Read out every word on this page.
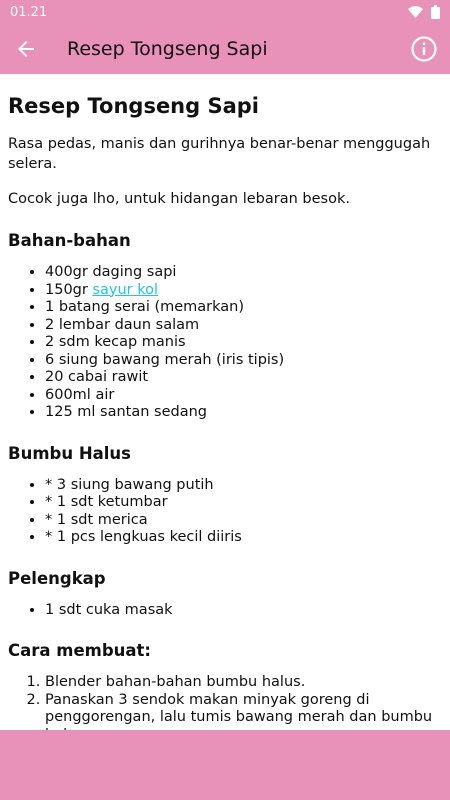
01.21
Resep Tongseng Sapi
Resep Tongseng Sapi

Rasa pedas, manis dan gurihnya benar-benar menggugah selera.

Cocok juga lho, untuk hidangan lebaran besok.

Bahan-bahan
• 400gr daging sapi
• 150gr sayur kol
• 1 batang serai (memarkan)
• 2 lembar daun salam
• 2 sdm kecap manis
• 6 siung bawang merah (iris tipis)
• 20 cabai rawit
• 600ml air
• 125 ml santan sedang
Bumbu Halus
• * 3 siung bawang putih
• * 1 sdt ketumbar
• * 1 sdt merica
• * 1 pcs lengkuas kecil diiris
Pelengkap
• 1 sdt cuka masak
Cara membuat:
1. Blender bahan-bahan bumbu halus.
2. Panaskan 3 sendok makan minyak goreng di penggorengan, lalu tumis bawang merah dan bumbu
3.
